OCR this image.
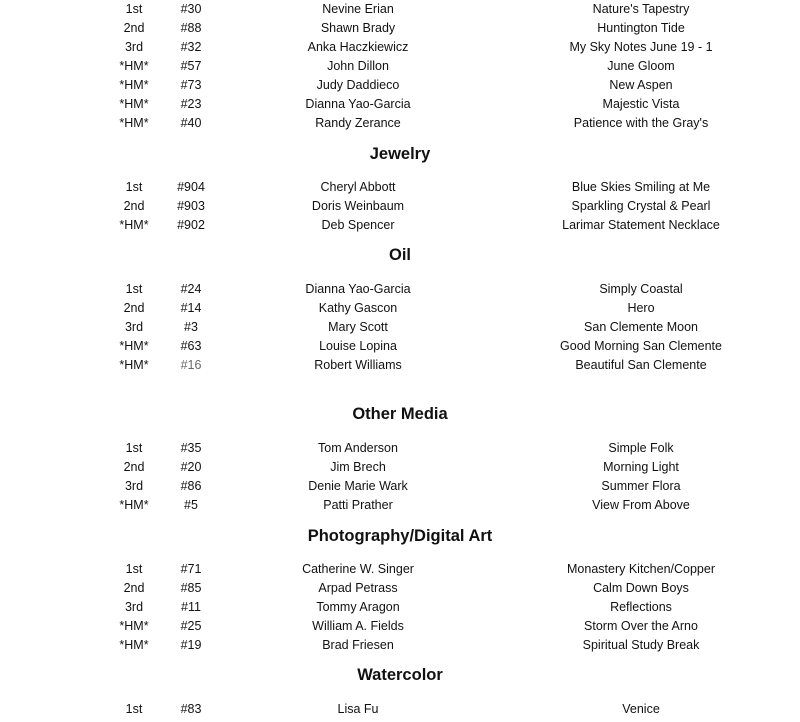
1st	#30	Nevine Erian	Nature's Tapestry
2nd	#88	Shawn Brady	Huntington Tide
3rd	#32	Anka Haczkiewicz	My Sky Notes June 19 - 1
*HM*	#57	John Dillon	June Gloom
*HM*	#73	Judy Daddieco	New Aspen
*HM*	#23	Dianna Yao-Garcia	Majestic Vista
*HM*	#40	Randy Zerance	Patience with the Gray's
Jewelry
1st	#904	Cheryl Abbott	Blue Skies Smiling at Me
2nd	#903	Doris Weinbaum	Sparkling Crystal & Pearl
*HM* #902	Deb Spencer	Larimar Statement Necklace
Oil
1st	#24	Dianna Yao-Garcia	Simply Coastal
2nd	#14	Kathy Gascon	Hero
3rd	#3	Mary Scott	San Clemente Moon
*HM*	#63	Louise Lopina	Good Morning San Clemente
*HM*	#16	Robert Williams	Beautiful San Clemente
Other Media
1st	#35	Tom Anderson	Simple Folk
2nd	#20	Jim Brech	Morning Light
3rd	#86	Denie Marie Wark	Summer Flora
*HM*	#5	Patti Prather	View From Above
Photography/Digital Art
1st	#71	Catherine W. Singer	Monastery Kitchen/Copper
2nd	#85	Arpad Petrass	Calm Down Boys
3rd	#11	Tommy Aragon	Reflections
*HM*	#25	William A. Fields	Storm Over the Arno
*HM*	#19	Brad Friesen	Spiritual Study Break
Watercolor
1st	#83	Lisa Fu	Venice
